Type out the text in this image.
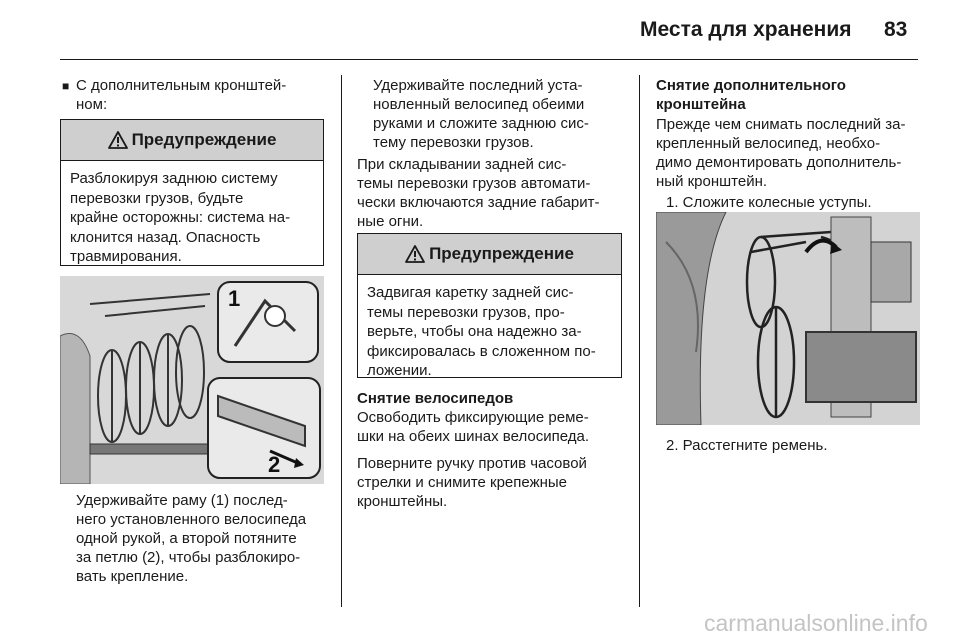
Места для хранения 83
■ С дополнительным кронштей-
ном:
Предупреждение
Разблокируя заднюю систему
перевозки грузов, будьте
крайне осторожны: система на-
клонится назад. Опасность
травмирования.
1
2
Удерживайте раму (1) послед-
него установленного велосипеда
одной рукой, а второй потяните
за петлю (2), чтобы разблокиро-
вать крепление.
Удерживайте последний уста-
новленный велосипед обеими
руками и сложите заднюю сис-
тему перевозки грузов.
При складывании задней сис-
темы перевозки грузов автомати-
чески включаются задние габарит-
ные огни.
Предупреждение
Задвигая каретку задней сис-
темы перевозки грузов, про-
верьте, чтобы она надежно за-
фиксировалась в сложенном по-
ложении.
Снятие велосипедов
Освободить фиксирующие реме-
шки на обеих шинах велосипеда.
Поверните ручку против часовой
стрелки и снимите крепежные
кронштейны.
Снятие дополнительного
кронштейна
Прежде чем снимать последний за-
крепленный велосипед, необхо-
димо демонтировать дополнитель-
ный кронштейн.
1. Сложите колесные уступы.
2. Расстегните ремень.
carmanualsonline.info
